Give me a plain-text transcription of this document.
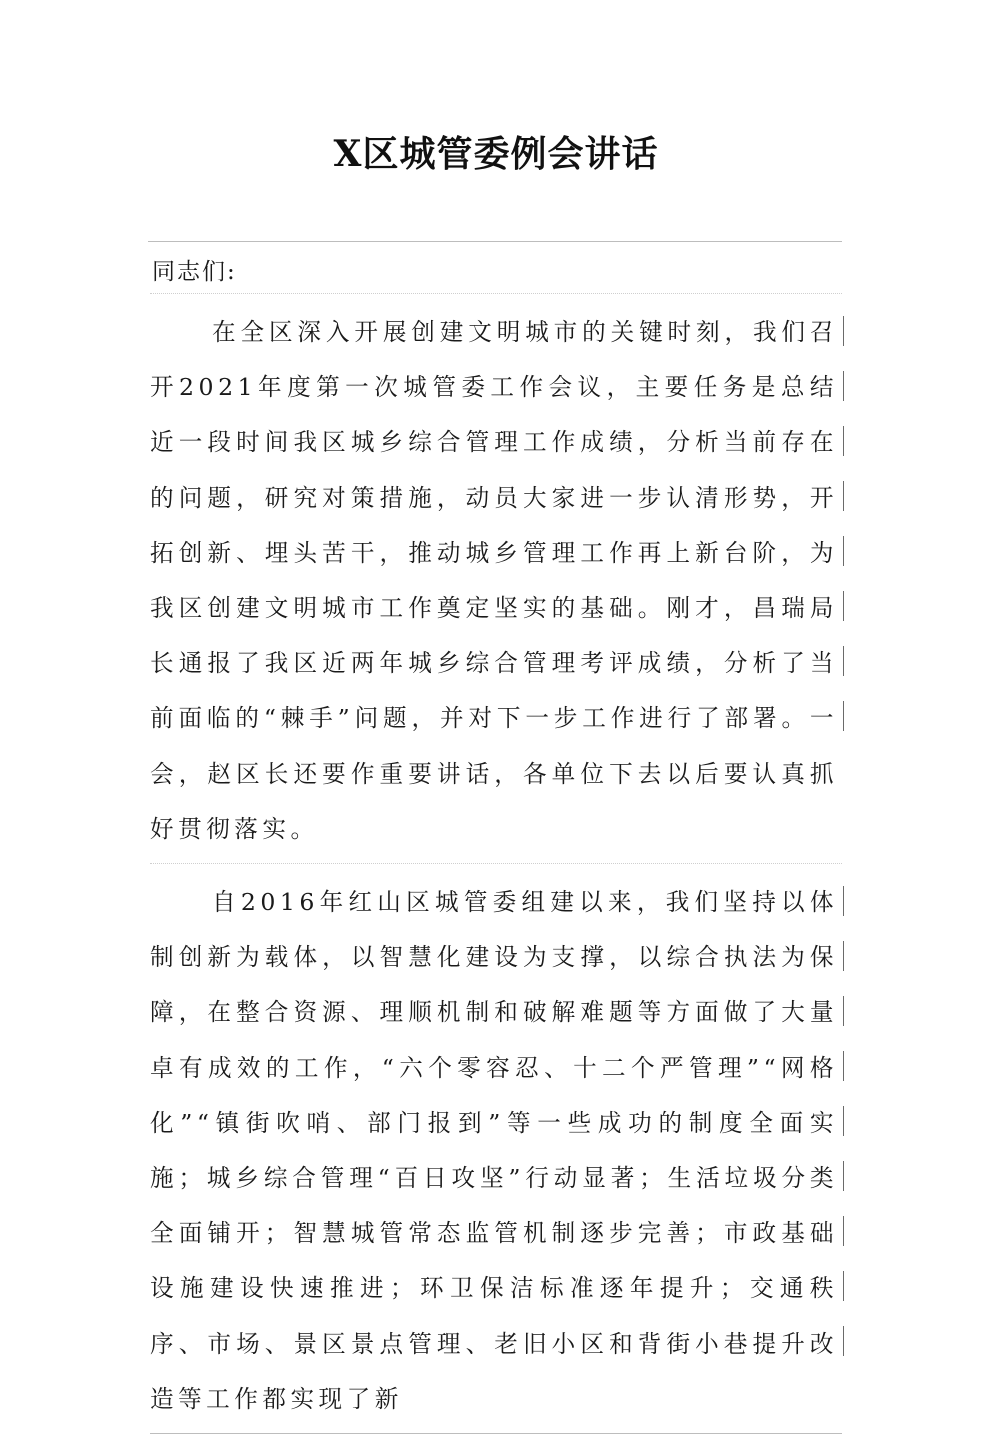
X区城管委例会讲话
同志们:
在全区深入开展创建文明城市的关键时刻，我们召开2021年度第一次城管委工作会议，主要任务是总结近一段时间我区城乡综合管理工作成绩，分析当前存在的问题，研究对策措施，动员大家进一步认清形势，开拓创新、埋头苦干，推动城乡管理工作再上新台阶，为我区创建文明城市工作奠定坚实的基础。刚才，昌瑞局长通报了我区近两年城乡综合管理考评成绩，分析了当前面临的“棘手”问题，并对下一步工作进行了部署。一会，赵区长还要作重要讲话，各单位下去以后要认真抓好贯彻落实。
自2016年红山区城管委组建以来，我们坚持以体制创新为载体，以智慧化建设为支撑，以综合执法为保障，在整合资源、理顺机制和破解难题等方面做了大量卓有成效的工作，“六个零容忍、十二个严管理”“网格化”“镇街吹哨、部门报到”等一些成功的制度全面实施；城乡综合管理“百日攻坚”行动显著；生活垃圾分类全面铺开；智慧城管常态监管机制逐步完善；市政基础设施建设快速推进；环卫保洁标准逐年提升；交通秩序、市场、景区景点管理、老旧小区和背街小巷提升改造等工作都实现了新
